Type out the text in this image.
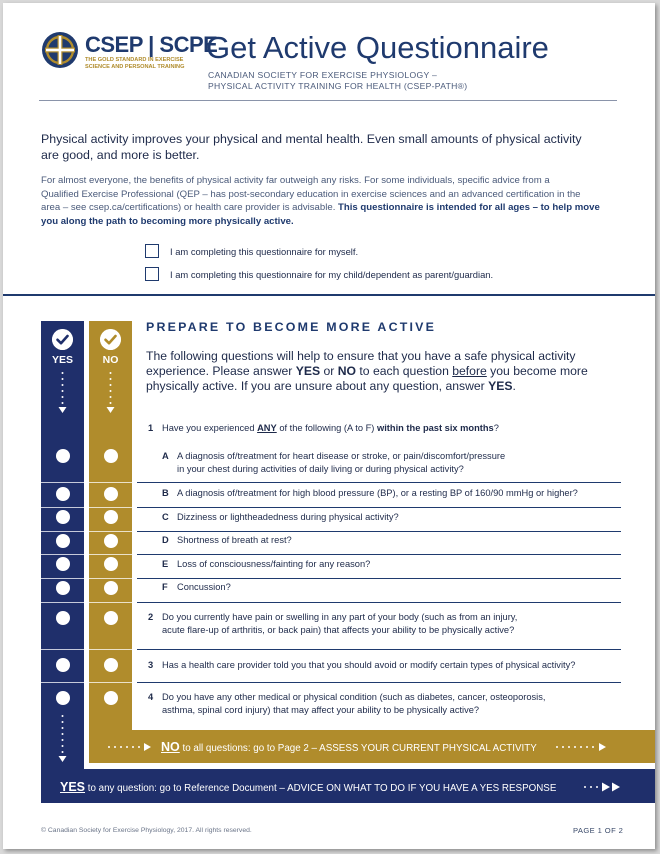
CSEP | SCPE
THE GOLD STANDARD IN EXERCISE SCIENCE AND PERSONAL TRAINING
Get Active Questionnaire
CANADIAN SOCIETY FOR EXERCISE PHYSIOLOGY –
PHYSICAL ACTIVITY TRAINING FOR HEALTH (CSEP-PATH®)
Physical activity improves your physical and mental health. Even small amounts of physical activity
are good, and more is better.
For almost everyone, the benefits of physical activity far outweigh any risks. For some individuals, specific advice from a
Qualified Exercise Professional (QEP – has post-secondary education in exercise sciences and an advanced certification in the
area – see csep.ca/certifications) or health care provider is advisable. This questionnaire is intended for all ages – to help move
you along the path to becoming more physically active.
I am completing this questionnaire for myself.
I am completing this questionnaire for my child/dependent as parent/guardian.
YES	NO
PREPARE TO BECOME MORE ACTIVE
The following questions will help to ensure that you have a safe physical activity
experience. Please answer YES or NO to each question before you become more
physically active. If you are unsure about any question, answer YES.
1 Have you experienced ANY of the following (A to F) within the past six months?
A A diagnosis of/treatment for heart disease or stroke, or pain/discomfort/pressure
in your chest during activities of daily living or during physical activity?
B A diagnosis of/treatment for high blood pressure (BP), or a resting BP of 160/90 mmHg or higher?
C Dizziness or lightheadedness during physical activity?
D Shortness of breath at rest?
E Loss of consciousness/fainting for any reason?
F Concussion?
2 Do you currently have pain or swelling in any part of your body (such as from an injury,
acute flare-up of arthritis, or back pain) that affects your ability to be physically active?
3 Has a health care provider told you that you should avoid or modify certain types of physical activity?
4 Do you have any other medical or physical condition (such as diabetes, cancer, osteoporosis,
asthma, spinal cord injury) that may affect your ability to be physically active?
NO to all questions: go to Page 2 – ASSESS YOUR CURRENT PHYSICAL ACTIVITY
YES to any question: go to Reference Document – ADVICE ON WHAT TO DO IF YOU HAVE A YES RESPONSE
© Canadian Society for Exercise Physiology, 2017. All rights reserved.	PAGE 1 OF 2
